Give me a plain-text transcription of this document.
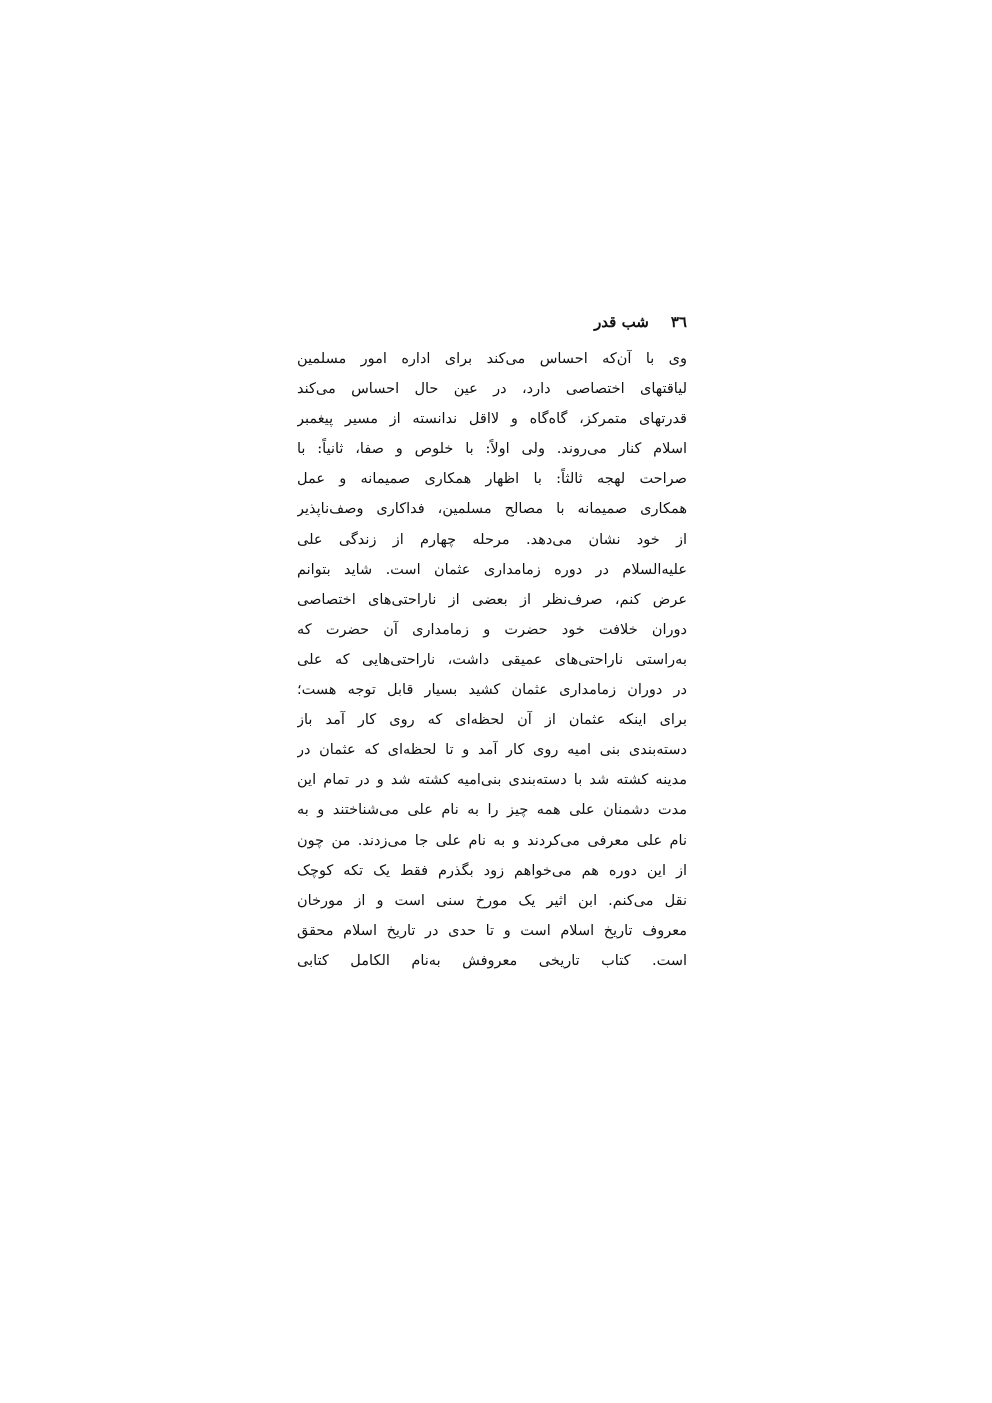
٣٦
شب قدر
وی با آن‌که احساس می‌کند برای اداره امور مسلمین
لیاقتهای اختصاصی دارد، در عین حال احساس می‌کند
قدرتهای متمرکز، گاه‌گاه و لااقل ندانسته از مسیر پیغمبر
اسلام کنار می‌روند. ولی اولاً: با خلوص و صفا، ثانیاً: با
صراحت لهجه ثالثاً: با اظهار همکاری صمیمانه و عمل
همکاری صمیمانه با مصالح مسلمین، فداکاری وصف‌ناپذیر
از خود نشان می‌دهد. مرحله چهارم از زندگی علی
علیه‌السلام در دوره زمامداری عثمان است. شاید بتوانم
عرض کنم، صرف‌نظر از بعضی از ناراحتی‌های اختصاصی
دوران خلافت خود حضرت و زمامداری آن حضرت که
به‌راستی ناراحتی‌های عمیقی داشت، ناراحتی‌هایی که علی
در دوران زمامداری عثمان کشید بسیار قابل توجه هست؛
برای اینکه عثمان از آن لحظه‌ای که روی کار آمد باز
دسته‌بندی بنی امیه روی کار آمد و تا لحظه‌ای که عثمان در
مدینه کشته شد با دسته‌بندی بنی‌امیه کشته شد و در تمام این
مدت دشمنان علی همه چیز را به نام علی می‌شناختند و به
نام علی معرفی می‌کردند و به نام علی جا می‌زدند. من چون
از این دوره هم می‌خواهم زود بگذرم فقط یک تکه کوچک
نقل می‌کنم. ابن اثیر یک مورخ سنی است و از مورخان
معروف تاریخ اسلام است و تا حدی در تاریخ اسلام محقق
است. کتاب تاریخی معروفش به‌نام الکامل کتابی
